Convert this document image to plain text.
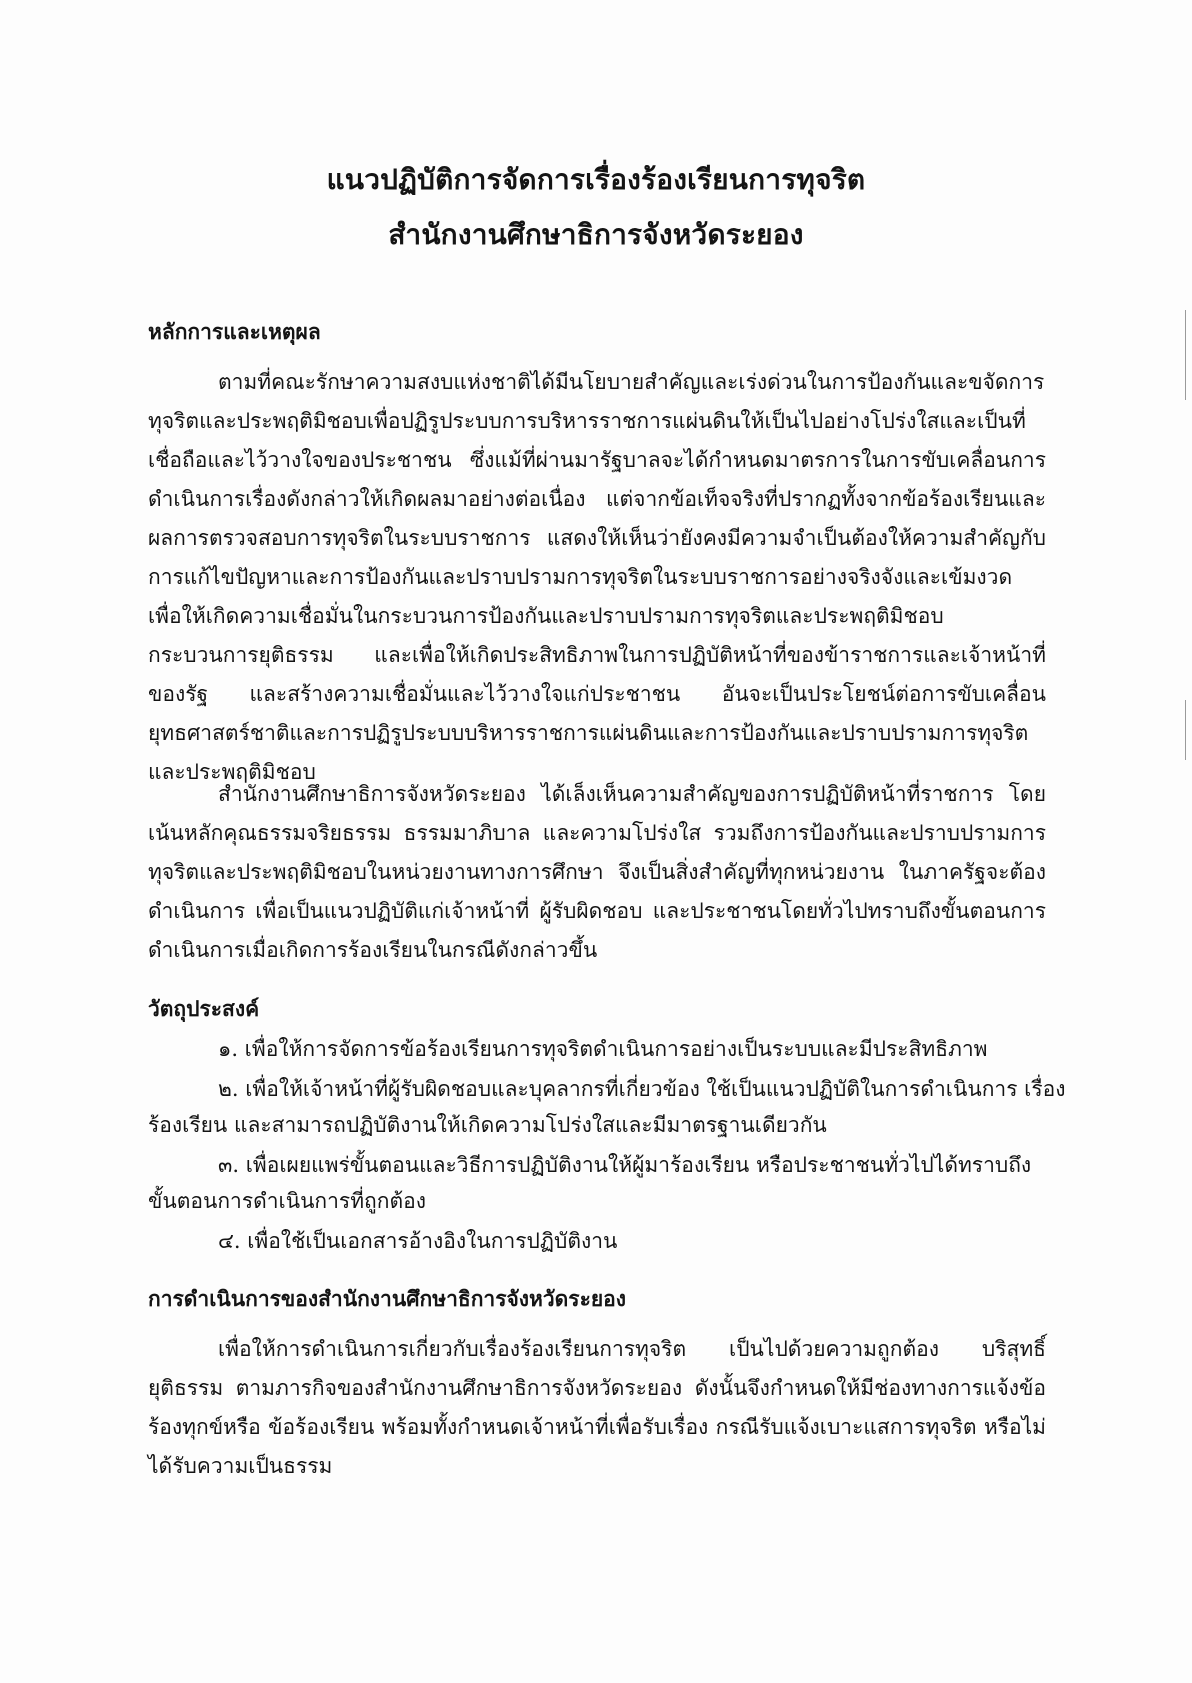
แนวปฏิบัติการจัดการเรื่องร้องเรียนการทุจริต
สำนักงานศึกษาธิการจังหวัดระยอง
หลักการและเหตุผล

ตามที่คณะรักษาความสงบแห่งชาติได้มีนโยบายสำคัญและเร่งด่วนในการป้องกันและขจัดการทุจริตและประพฤติมิชอบเพื่อปฏิรูประบบการบริหารราชการแผ่นดินให้เป็นไปอย่างโปร่งใสและเป็นที่เชื่อถือและไว้วางใจของประชาชน ซึ่งแม้ที่ผ่านมารัฐบาลจะได้กำหนดมาตรการในการขับเคลื่อนการดำเนินการเรื่องดังกล่าวให้เกิดผลมาอย่างต่อเนื่อง แต่จากข้อเท็จจริงที่ปรากฏทั้งจากข้อร้องเรียนและผลการตรวจสอบการทุจริตในระบบราชการ แสดงให้เห็นว่ายังคงมีความจำเป็นต้องให้ความสำคัญกับการแก้ไขปัญหาและการป้องกันและปราบปรามการทุจริตในระบบราชการอย่างจริงจังและเข้มงวด เพื่อให้เกิดความเชื่อมั่นในกระบวนการป้องกันและปราบปรามการทุจริตและประพฤติมิชอบ กระบวนการยุติธรรม และเพื่อให้เกิดประสิทธิภาพในการปฏิบัติหน้าที่ของข้าราชการและเจ้าหน้าที่ของรัฐ และสร้างความเชื่อมั่นและไว้วางใจแก่ประชาชน อันจะเป็นประโยชน์ต่อการขับเคลื่อนยุทธศาสตร์ชาติและการปฏิรูประบบบริหารราชการแผ่นดินและการป้องกันและปราบปรามการทุจริตและประพฤติมิชอบ

สำนักงานศึกษาธิการจังหวัดระยอง ได้เล็งเห็นความสำคัญของการปฏิบัติหน้าที่ราชการ โดยเน้นหลักคุณธรรมจริยธรรม ธรรมมาภิบาล และความโปร่งใส รวมถึงการป้องกันและปราบปรามการทุจริตและประพฤติมิชอบในหน่วยงานทางการศึกษา จึงเป็นสิ่งสำคัญที่ทุกหน่วยงาน ในภาครัฐจะต้องดำเนินการ เพื่อเป็นแนวปฏิบัติแก่เจ้าหน้าที่ ผู้รับผิดชอบ และประชาชนโดยทั่วไปทราบถึงขั้นตอนการดำเนินการเมื่อเกิดการร้องเรียนในกรณีดังกล่าวขึ้น

วัตถุประสงค์
๑. เพื่อให้การจัดการข้อร้องเรียนการทุจริตดำเนินการอย่างเป็นระบบและมีประสิทธิภาพ
๒. เพื่อให้เจ้าหน้าที่ผู้รับผิดชอบและบุคลากรที่เกี่ยวข้อง ใช้เป็นแนวปฏิบัติในการดำเนินการ เรื่อง
ร้องเรียน และสามารถปฏิบัติงานให้เกิดความโปร่งใสและมีมาตรฐานเดียวกัน
๓. เพื่อเผยแพร่ขั้นตอนและวิธีการปฏิบัติงานให้ผู้มาร้องเรียน หรือประชาชนทั่วไปได้ทราบถึง
ขั้นตอนการดำเนินการที่ถูกต้อง
๔. เพื่อใช้เป็นเอกสารอ้างอิงในการปฏิบัติงาน
การดำเนินการของสำนักงานศึกษาธิการจังหวัดระยอง

เพื่อให้การดำเนินการเกี่ยวกับเรื่องร้องเรียนการทุจริต เป็นไปด้วยความถูกต้อง บริสุทธิ์ ยุติธรรม ตามภารกิจของสำนักงานศึกษาธิการจังหวัดระยอง ดังนั้นจึงกำหนดให้มีช่องทางการแจ้งข้อร้องทุกข์หรือ ข้อร้องเรียน พร้อมทั้งกำหนดเจ้าหน้าที่เพื่อรับเรื่อง กรณีรับแจ้งเบาะแสการทุจริต หรือไม่ได้รับความเป็นธรรม
